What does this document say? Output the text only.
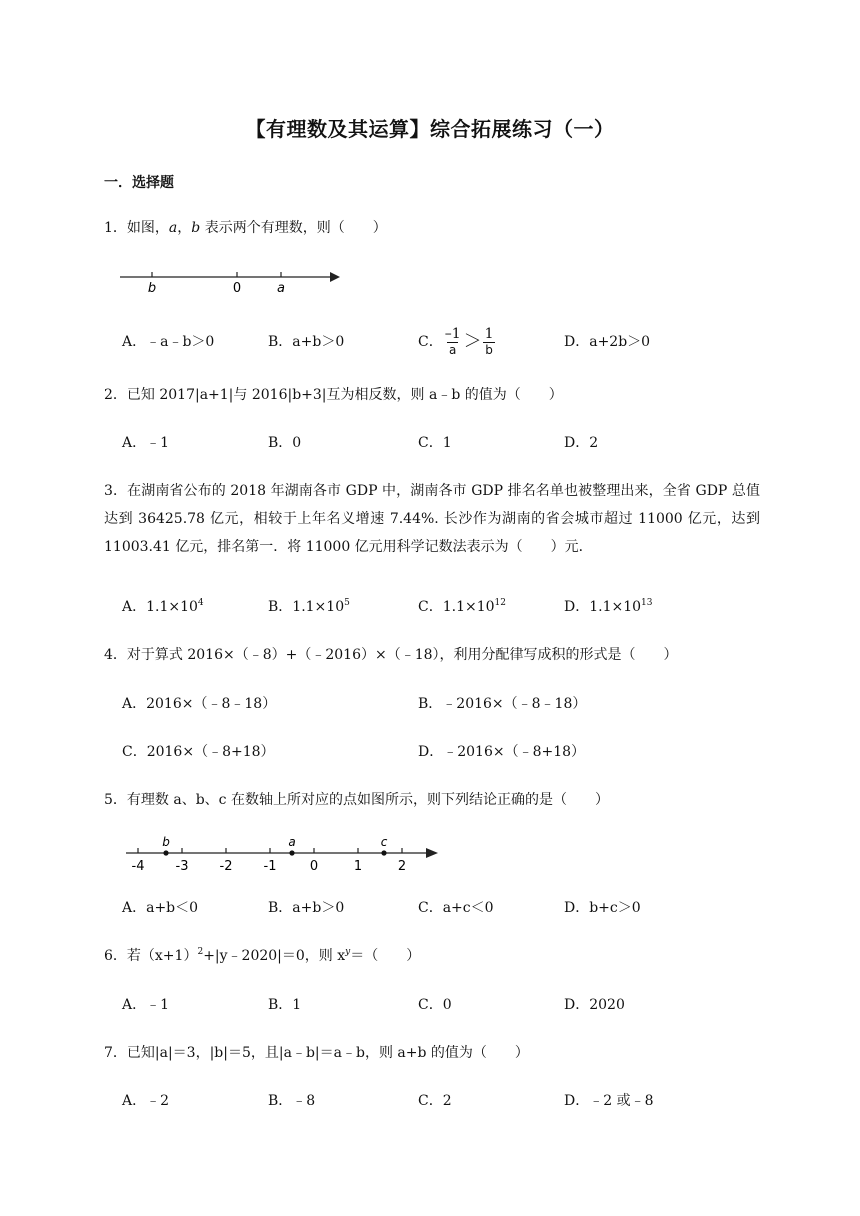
【有理数及其运算】综合拓展练习（一）
一．选择题
1．如图，a，b 表示两个有理数，则（　　）
b	0	a
A．﹣a﹣b＞0	B．a+b＞0	C． $\frac{-1}{a} > \frac{1}{b}$	D．a+2b＞0
2．已知 2017|a+1|与 2016|b+3|互为相反数，则 a﹣b 的值为（　　）
A．﹣1	B．0	C．1	D．2
3．在湖南省公布的 2018 年湖南各市 GDP 中，湖南各市 GDP 排名名单也被整理出来，全省 GDP 总值达到 36425.78 亿元，相较于上年名义增速 7.44%. 长沙作为湖南的省会城市超过 11000 亿元，达到 11003.41 亿元，排名第一．将 11000 亿元用科学记数法表示为（　　）元．
A．$1.1\times 10^4$	B．$1.1\times 10^5$	C．$1.1\times 10^{12}$	D．$1.1\times 10^{13}$
4．对于算式 2016×（﹣8）+（﹣2016）×（﹣18），利用分配律写成积的形式是（　　）
A．2016×（﹣8﹣18）	B．﹣2016×（﹣8﹣18）
C．2016×（﹣8+18）	D．﹣2016×（﹣8+18）
5．有理数 a、b、c 在数轴上所对应的点如图所示，则下列结论正确的是（　　）
-4 -3 -2 -1	0	1	2
b	a	c
A．a+b＜0	B．a+b＞0	C．a+c＜0	D．b+c＞0
6．若$(x+1)^2+|y﹣2020|=0$，则 $x^y=$（　　）
A．﹣1	B．1	C．0	D．2020
7．已知|a|＝3，|b|＝5，且|a﹣b|＝a﹣b，则 a+b 的值为（　　）
A．﹣2	B．﹣8	C．2	D．﹣2 或﹣8
